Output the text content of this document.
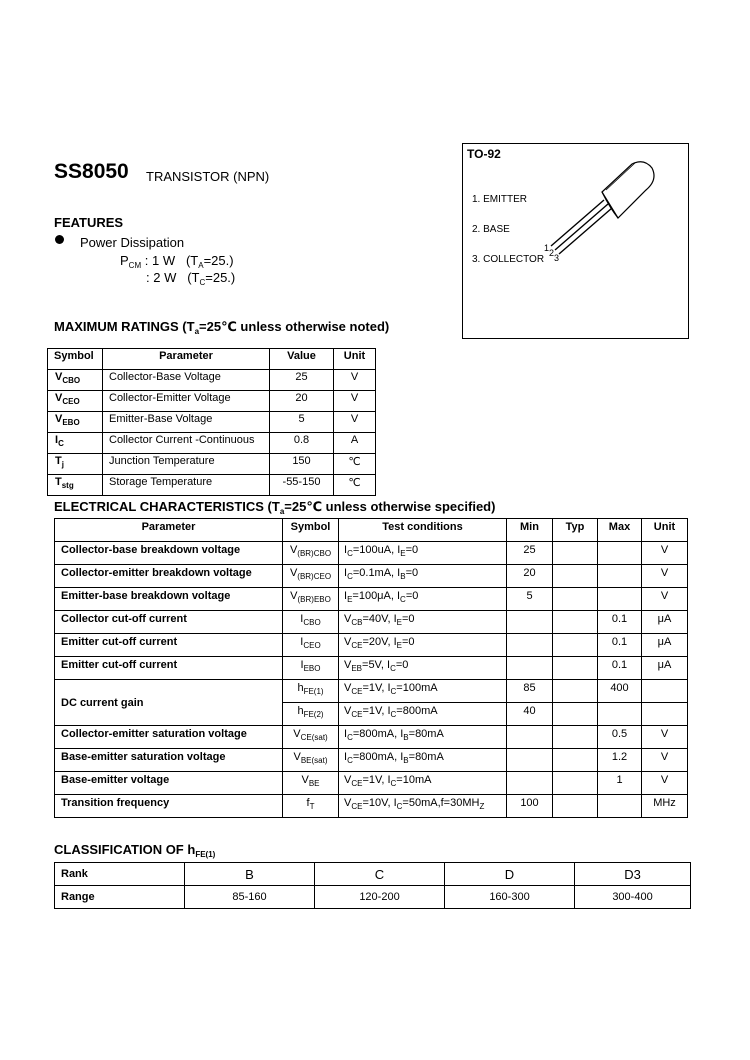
SS8050 TRANSISTOR (NPN)
FEATURES
Power Dissipation
$P_{CM}$ : 1 W $(T_A=25.)$
: 2 W $(T_C=25.)$
TO-92
1. EMITTER
2. BASE
3. COLLECTOR
1 2 3
MAXIMUM RATINGS ($T_a=25℃$ unless otherwise noted)
Symbol	Parameter	Value	Unit
$V_{CBO}$	Collector-Base Voltage	25	V
$V_{CEO}$	Collector-Emitter Voltage	20	V
$V_{EBO}$	Emitter-Base Voltage	5	V
$I_C$	Collector Current -Continuous	0.8	A
$T_j$	Junction Temperature	150	℃
$T_{stg}$	Storage Temperature	-55-150	℃
ELECTRICAL CHARACTERISTICS ($T_a=25℃$ unless otherwise specified)
Parameter	Symbol	Test conditions	Min	Typ	Max	Unit
Collector-base breakdown voltage	$V_{(BR)CBO}$	$I_C=100uA$, $I_E=0$	25			V
Collector-emitter breakdown voltage	$V_{(BR)CEO}$	$I_C=0.1mA$, $I_B=0$	20			V
Emitter-base breakdown voltage	$V_{(BR)EBO}$	$I_E=100\mu A$, $I_C=0$	5			V
Collector cut-off current	$I_{CBO}$	$V_{CB}=40V$, $I_E=0$			0.1	μA
Emitter cut-off current	$I_{CEO}$	$V_{CE}=20V$, $I_E=0$			0.1	μA
Emitter cut-off current	$I_{EBO}$	$V_{EB}=5V$, $I_C=0$			0.1	μA
DC current gain	$h_{FE(1)}$	$V_{CE}=1V$, $I_C=100mA$	85		400	
	$h_{FE(2)}$	$V_{CE}=1V$, $I_C=800mA$	40			
Collector-emitter saturation voltage	$V_{CE(sat)}$	$I_C=800mA$, $I_B=80mA$			0.5	V
Base-emitter saturation voltage	$V_{BE(sat)}$	$I_C=800mA$, $I_B=80mA$			1.2	V
Base-emitter voltage	$V_{BE}$	$V_{CE}=1V$, $I_C=10mA$			1	V
Transition frequency	$f_T$	$V_{CE}=10V$, $I_C=50mA,f=30MH_Z$	100			MHz
CLASSIFICATION OF $h_{FE(1)}$
Rank	B	C	D	D3
Range	85-160	120-200	160-300	300-400
